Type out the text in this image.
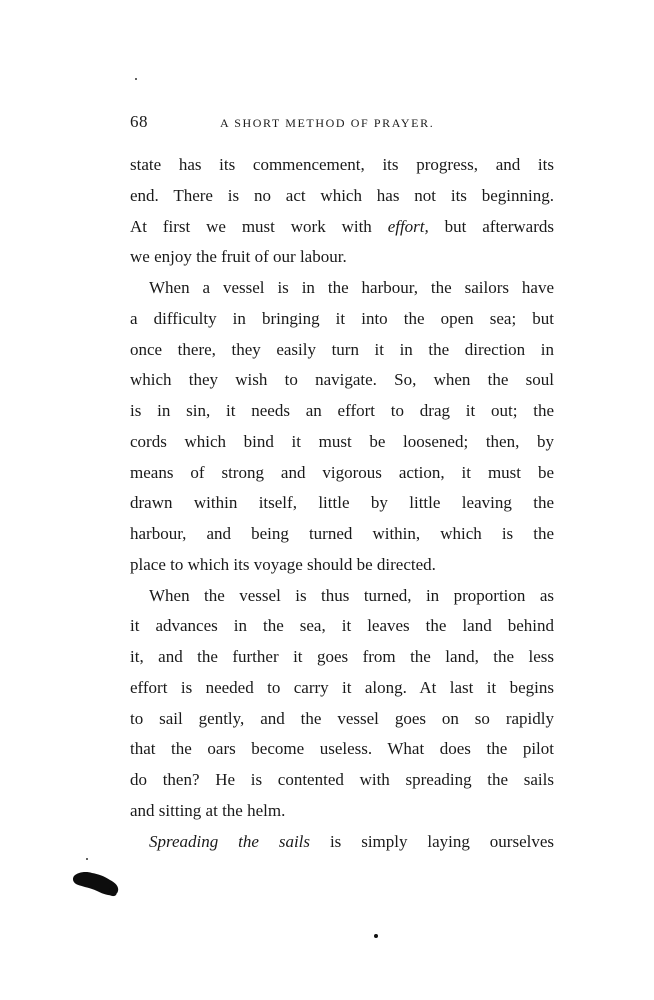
68	A SHORT METHOD OF PRAYER.
state has its commencement, its progress, and its
end. There is no act which has not its beginning.
At first we must work with effort, but afterwards
we enjoy the fruit of our labour.
When a vessel is in the harbour, the sailors have
a difficulty in bringing it into the open sea; but
once there, they easily turn it in the direction in
which they wish to navigate. So, when the soul
is in sin, it needs an effort to drag it out; the
cords which bind it must be loosened; then, by
means of strong and vigorous action, it must be
drawn within itself, little by little leaving the
harbour, and being turned within, which is the
place to which its voyage should be directed.
When the vessel is thus turned, in proportion as
it advances in the sea, it leaves the land behind
it, and the further it goes from the land, the less
effort is needed to carry it along. At last it begins
to sail gently, and the vessel goes on so rapidly
that the oars become useless. What does the pilot
do then? He is contented with spreading the sails
and sitting at the helm.
Spreading the sails is simply laying ourselves
